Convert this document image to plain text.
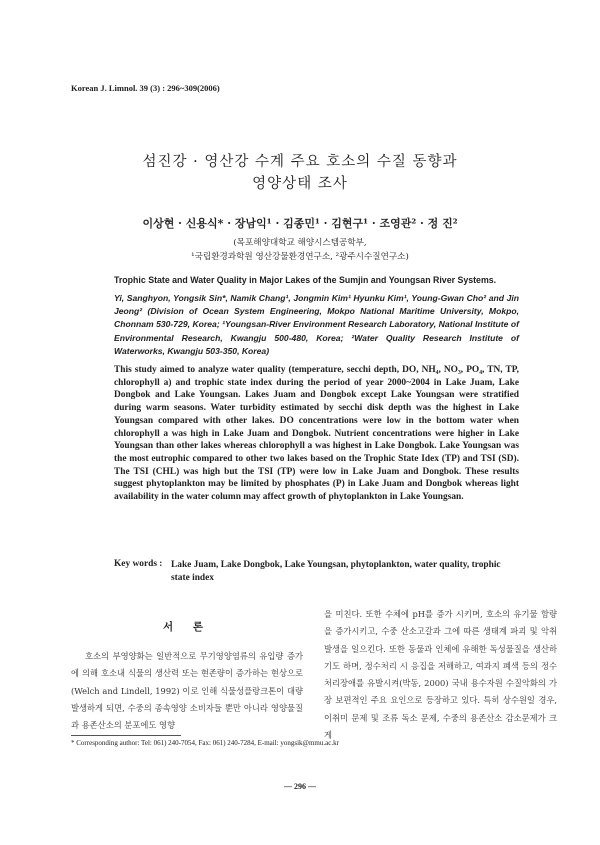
Korean J. Limnol. 39 (3) : 296~309(2006)
섬진강 · 영산강 수계 주요 호소의 수질 동향과
영양상태 조사
이상현 · 신용식* · 장남익¹ · 김종민¹ · 김현구¹ · 조영관² · 정 진²
(목포해양대학교 해양시스템공학부,
¹국립환경과학원 영산강물환경연구소, ²광주시수질연구소)
Trophic State and Water Quality in Major Lakes of the Sumjin and Youngsan River Systems.
Yi, Sanghyon, Yongsik Sin*, Namik Chang¹, Jongmin Kim¹ Hyunku Kim¹, Young-Gwan Cho² and Jin Jeong² (Division of Ocean System Engineering, Mokpo National Maritime University, Mokpo, Chonnam 530-729, Korea; ¹Youngsan-River Environment Research Laboratory, National Institute of Environmental Research, Kwangju 500-480, Korea; ²Water Quality Research Institute of Waterworks, Kwangju 503-350, Korea)
This study aimed to analyze water quality (temperature, secchi depth, DO, NH₄, NO₃, PO₄, TN, TP, chlorophyll a) and trophic state index during the period of year 2000~2004 in Lake Juam, Lake Dongbok and Lake Youngsan. Lakes Juam and Dongbok except Lake Youngsan were stratified during warm seasons. Water turbidity estimated by secchi disk depth was the highest in Lake Youngsan compared with other lakes. DO concentrations were low in the bottom water when chlorophyll a was high in Lake Juam and Dongbok. Nutrient concentrations were higher in Lake Youngsan than other lakes whereas chlorophyll a was highest in Lake Dongbok. Lake Youngsan was the most eutrophic compared to other two lakes based on the Trophic State Idex (TP) and TSI (SD). The TSI (CHL) was high but the TSI (TP) were low in Lake Juam and Dongbok. These results suggest phytoplankton may be limited by phosphates (P) in Lake Juam and Dongbok whereas light availability in the water column may affect growth of phytoplankton in Lake Youngsan.
Key words : Lake Juam, Lake Dongbok, Lake Youngsan, phytoplankton, water quality, trophic state index
서 론
호소의 부영양화는 일반적으로 무기영양염류의 유입량 증가에 의해 호소내 식물의 생산력 또는 현존량이 증가하는 현상으로(Welch and Lindell, 1992) 이로 인해 식물성플랑크톤이 대량 발생하게 되면, 수중의 종속영양 소비자들 뿐만 아니라 영양물질과 용존산소의 분포에도 영향
을 미친다. 또한 수체에 pH를 증가 시키며, 호소의 유기물 함량을 증가시키고, 수중 산소고갈과 그에 따른 생태계 파괴 및 악취 발생을 일으킨다. 또한 동물과 인체에 유해한 독성물질을 생산하기도 하며, 정수처리 시 응집을 저해하고, 여과지 폐색 등의 정수처리장애를 유발시켜(박동, 2000) 국내 용수자원 수질악화의 가장 보편적인 주요 요인으로 등장하고 있다. 특히 상수원일 경우, 이취미 문제 및 조류 독소 문제, 수중의 용존산소 감소문제가 크게
* Corresponding author: Tel: 061) 240-7054, Fax: 061) 240-7284, E-mail: yongsik@mmu.ac.kr
— 296 —
